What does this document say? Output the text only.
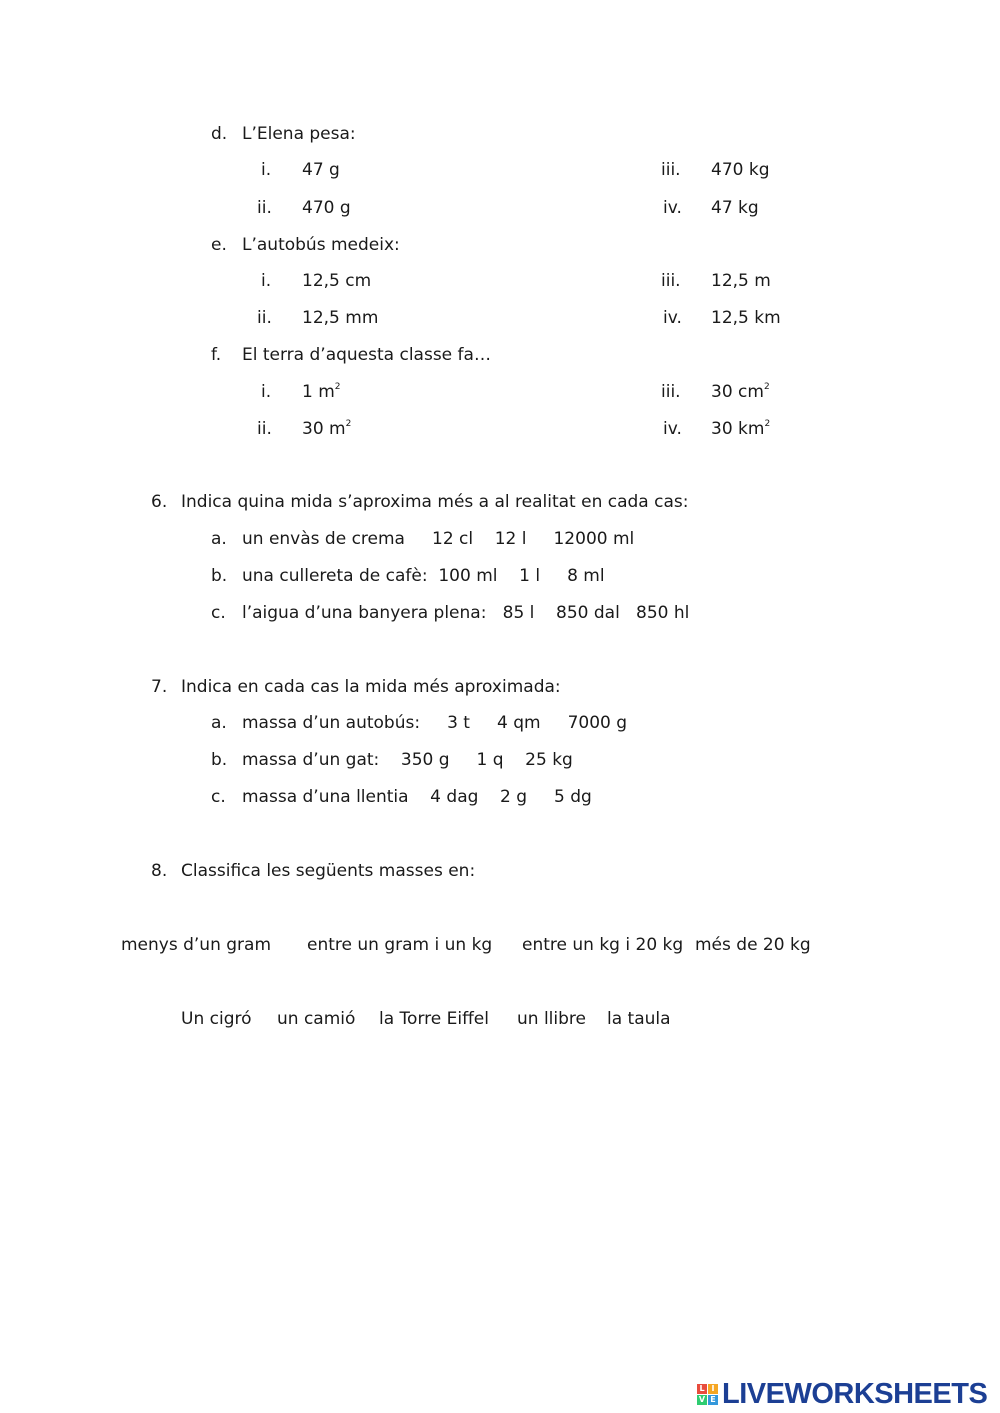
d. L’Elena pesa:
i. 47 g	iii. 470 kg
ii. 470 g	iv. 47 kg
e. L’autobús medeix:
i. 12,5 cm	iii. 12,5 m
ii. 12,5 mm	iv. 12,5 km
f. El terra d’aquesta classe fa…
i. 1 $m^2$	iii. 30 $cm^2$
ii. 30 $m^2$	iv. 30 $km^2$
6. Indica quina mida s’aproxima més a al realitat en cada cas:
a. un envàs de crema     12 cl    12 l     12000 ml
b. una cullereta de cafè:  100 ml    1 l     8 ml
c. l’aigua d’una banyera plena:   85 l    850 dal   850 hl
7. Indica en cada cas la mida més aproximada:
a. massa d’un autobús:     3 t     4 qm     7000 g
b. massa d’un gat:    350 g     1 q    25 kg
c. massa d’una llentia    4 dag    2 g     5 dg
8. Classifica les següents masses en:
menys d’un gram entre un gram i un kg entre un kg i 20 kg més de 20 kg
Un cigró un camió la Torre Eiffel un llibre la taula
L I
V E LIVEWORKSHEETS
